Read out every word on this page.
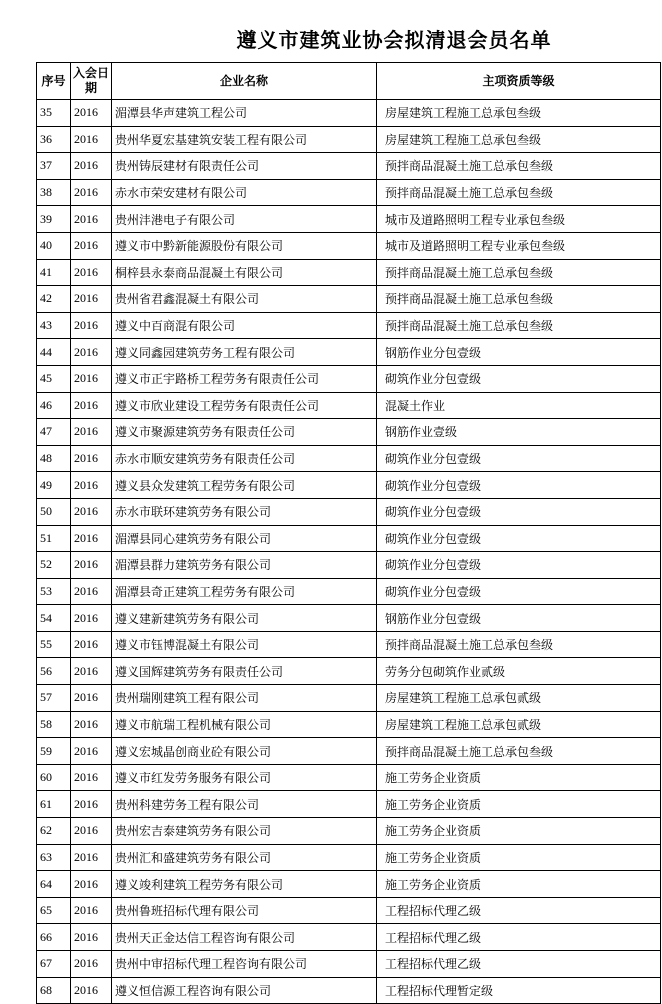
遵义市建筑业协会拟清退会员名单
序号	入会日期	企业名称	主项资质等级
35	2016	湄潭县华声建筑工程公司	房屋建筑工程施工总承包叁级
36	2016	贵州华夏宏基建筑安装工程有限公司	房屋建筑工程施工总承包叁级
37	2016	贵州铸辰建材有限责任公司	预拌商品混凝土施工总承包叁级
38	2016	赤水市荣安建材有限公司	预拌商品混凝土施工总承包叁级
39	2016	贵州沣港电子有限公司	城市及道路照明工程专业承包叁级
40	2016	遵义市中黔新能源股份有限公司	城市及道路照明工程专业承包叁级
41	2016	桐梓县永泰商品混凝土有限公司	预拌商品混凝土施工总承包叁级
42	2016	贵州省君鑫混凝土有限公司	预拌商品混凝土施工总承包叁级
43	2016	遵义中百商混有限公司	预拌商品混凝土施工总承包叁级
44	2016	遵义同鑫园建筑劳务工程有限公司	钢筋作业分包壹级
45	2016	遵义市正宇路桥工程劳务有限责任公司	砌筑作业分包壹级
46	2016	遵义市欣业建设工程劳务有限责任公司	混凝土作业
47	2016	遵义市聚源建筑劳务有限责任公司	钢筋作业壹级
48	2016	赤水市顺安建筑劳务有限责任公司	砌筑作业分包壹级
49	2016	遵义县众发建筑工程劳务有限公司	砌筑作业分包壹级
50	2016	赤水市联环建筑劳务有限公司	砌筑作业分包壹级
51	2016	湄潭县同心建筑劳务有限公司	砌筑作业分包壹级
52	2016	湄潭县群力建筑劳务有限公司	砌筑作业分包壹级
53	2016	湄潭县奇正建筑工程劳务有限公司	砌筑作业分包壹级
54	2016	遵义建新建筑劳务有限公司	钢筋作业分包壹级
55	2016	遵义市钰博混凝土有限公司	预拌商品混凝土施工总承包叁级
56	2016	遵义国辉建筑劳务有限责任公司	劳务分包砌筑作业贰级
57	2016	贵州瑞刚建筑工程有限公司	房屋建筑工程施工总承包贰级
58	2016	遵义市航瑞工程机械有限公司	房屋建筑工程施工总承包贰级
59	2016	遵义宏城晶创商业砼有限公司	预拌商品混凝土施工总承包叁级
60	2016	遵义市红发劳务服务有限公司	施工劳务企业资质
61	2016	贵州科建劳务工程有限公司	施工劳务企业资质
62	2016	贵州宏吉泰建筑劳务有限公司	施工劳务企业资质
63	2016	贵州汇和盛建筑劳务有限公司	施工劳务企业资质
64	2016	遵义竣利建筑工程劳务有限公司	施工劳务企业资质
65	2016	贵州鲁班招标代理有限公司	工程招标代理乙级
66	2016	贵州天正金达信工程咨询有限公司	工程招标代理乙级
67	2016	贵州中审招标代理工程咨询有限公司	工程招标代理乙级
68	2016	遵义恒信源工程咨询有限公司	工程招标代理暂定级
